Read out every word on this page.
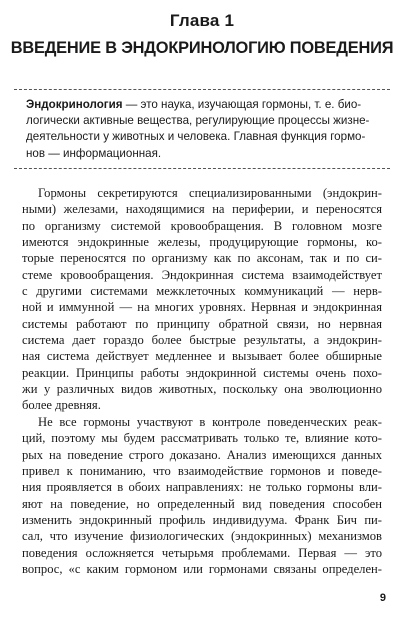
Глава 1
ВВЕДЕНИЕ В ЭНДОКРИНОЛОГИЮ ПОВЕДЕНИЯ
Эндокринология — это наука, изучающая гормоны, т. е. био-
логически активные вещества, регулирующие процессы жизне-
деятельности у животных и человека. Главная функция гормо-
нов — информационная.
Гормоны секретируются специализированными (эндокрин-
ными) железами, находящимися на периферии, и переносятся
по организму системой кровообращения. В головном мозге
имеются эндокринные железы, продуцирующие гормоны, ко-
торые переносятся по организму как по аксонам, так и по си-
стеме кровообращения. Эндокринная система взаимодействует
с другими системами межклеточных коммуникаций — нерв-
ной и иммунной — на многих уровнях. Нервная и эндокринная
системы работают по принципу обратной связи, но нервная
система дает гораздо более быстрые результаты, а эндокрин-
ная система действует медленнее и вызывает более обширные
реакции. Принципы работы эндокринной системы очень похо-
жи у различных видов животных, поскольку она эволюционно
более древняя.
Не все гормоны участвуют в контроле поведенческих реак-
ций, поэтому мы будем рассматривать только те, влияние кото-
рых на поведение строго доказано. Анализ имеющихся данных
привел к пониманию, что взаимодействие гормонов и поведе-
ния проявляется в обоих направлениях: не только гормоны вли-
яют на поведение, но определенный вид поведения способен
изменить эндокринный профиль индивидуума. Франк Бич пи-
сал, что изучение физиологических (эндокринных) механизмов
поведения осложняется четырьмя проблемами. Первая — это
вопрос, «с каким гормоном или гормонами связаны определен-
9
